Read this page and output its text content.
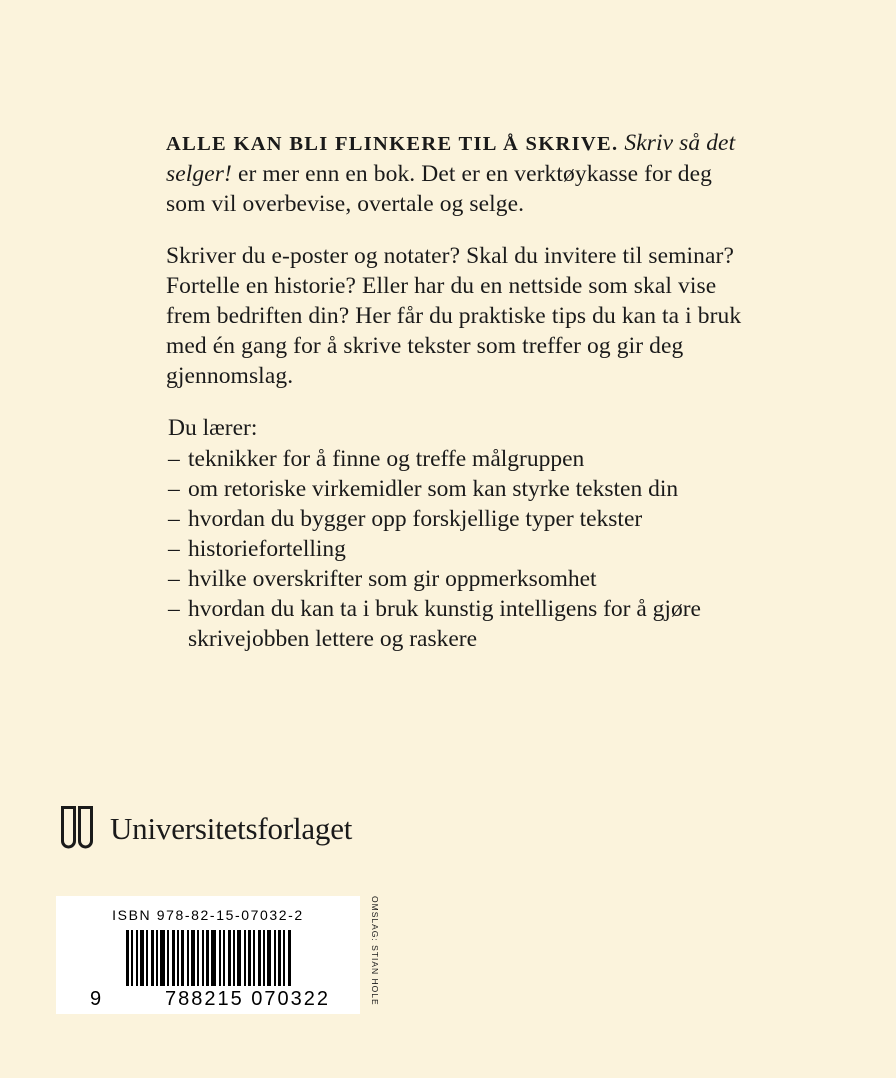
ALLE KAN BLI FLINKERE TIL Å SKRIVE. Skriv så det selger! er mer enn en bok. Det er en verktøykasse for deg som vil overbevise, overtale og selge.

Skriver du e-poster og notater? Skal du invitere til seminar? Fortelle en historie? Eller har du en nettside som skal vise frem bedriften din? Her får du praktiske tips du kan ta i bruk med én gang for å skrive tekster som treffer og gir deg gjennomslag.

Du lærer:

– teknikker for å finne og treffe målgruppen
– om retoriske virkemidler som kan styrke teksten din
– hvordan du bygger opp forskjellige typer tekster
– historiefortelling
– hvilke overskrifter som gir oppmerksomhet
– hvordan du kan ta i bruk kunstig intelligens for å gjøre skrivejobben lettere og raskere
Universitetsforlaget
ISBN 978-82-15-07032-2
9	788215 070322	OMSLAG: STIAN HOLE
